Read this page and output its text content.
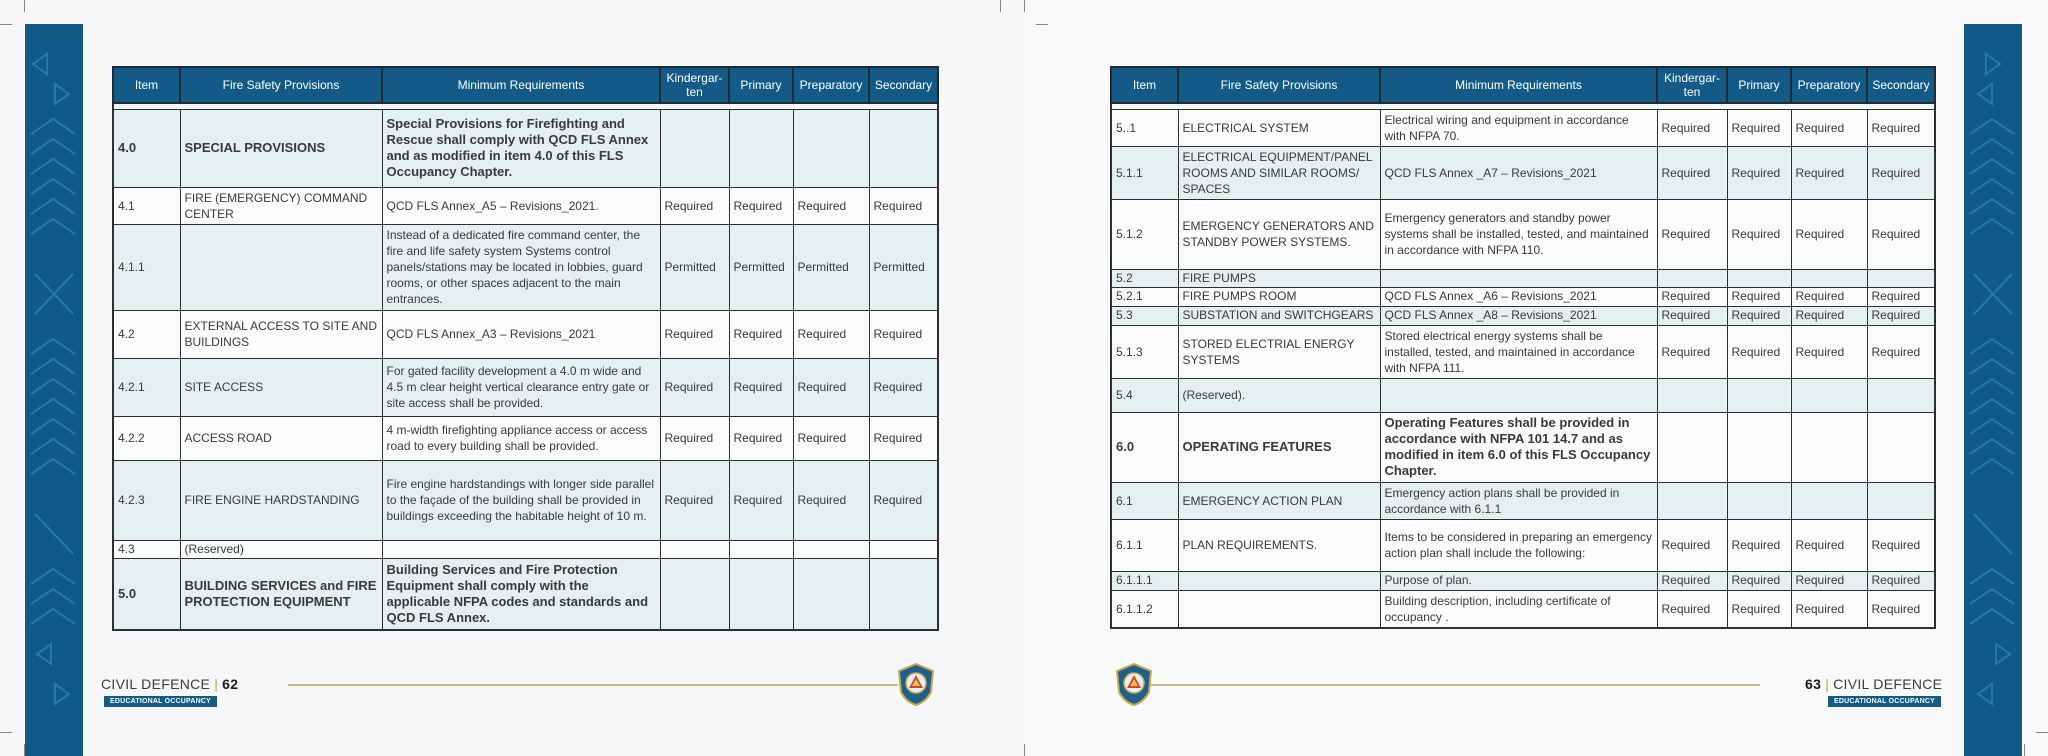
Item	Fire Safety Provisions	Minimum Requirements	Kindergar-ten	Primary	Preparatory	Secondary

4.0	SPECIAL PROVISIONS	Special Provisions for Firefighting and Rescue shall comply with QCD FLS Annex and as modified in item 4.0 of this FLS Occupancy Chapter.				
4.1	FIRE (EMERGENCY) COMMAND CENTER	QCD FLS Annex_A5 – Revisions_2021.	Required	Required	Required	Required
4.1.1		Instead of a dedicated fire command center, the fire and life safety system Systems control panels/stations may be located in lobbies, guard rooms, or other spaces adjacent to the main entrances.	Permitted	Permitted	Permitted	Permitted
4.2	EXTERNAL ACCESS TO SITE AND BUILDINGS	QCD FLS Annex_A3 – Revisions_2021	Required	Required	Required	Required
4.2.1	SITE ACCESS	For gated facility development a 4.0 m wide and 4.5 m clear height vertical clearance entry gate or site access shall be provided.	Required	Required	Required	Required
4.2.2	ACCESS ROAD	4 m-width firefighting appliance access or access road to every building shall be provided.	Required	Required	Required	Required
4.2.3	FIRE ENGINE HARDSTANDING	Fire engine hardstandings with longer side parallel to the façade of the building shall be provided in buildings exceeding the habitable height of 10 m.	Required	Required	Required	Required
4.3	(Reserved)					
5.0	BUILDING SERVICES and FIRE PROTECTION EQUIPMENT	Building Services and Fire Protection Equipment shall comply with the applicable NFPA codes and standards and QCD FLS Annex.				
CIVIL DEFENCE | 62
EDUCATIONAL OCCUPANCY
Item	Fire Safety Provisions	Minimum Requirements	Kindergar-ten	Primary	Preparatory	Secondary

5..1	ELECTRICAL SYSTEM	Electrical wiring and equipment in accordance with NFPA 70.	Required	Required	Required	Required
5.1.1	ELECTRICAL EQUIPMENT/PANEL ROOMS AND SIMILAR ROOMS/ SPACES	QCD FLS Annex _A7 – Revisions_2021	Required	Required	Required	Required
5.1.2	EMERGENCY GENERATORS AND STANDBY POWER SYSTEMS.	Emergency generators and standby power systems shall be installed, tested, and maintained in accordance with NFPA 110.	Required	Required	Required	Required
5.2	FIRE PUMPS					
5.2.1	FIRE PUMPS ROOM	QCD FLS Annex _A6 – Revisions_2021	Required	Required	Required	Required
5.3	SUBSTATION and SWITCHGEARS	QCD FLS Annex _A8 – Revisions_2021	Required	Required	Required	Required
5.1.3	STORED ELECTRIAL ENERGY SYSTEMS	Stored electrical energy systems shall be installed, tested, and maintained in accordance with NFPA 111.	Required	Required	Required	Required
5.4	(Reserved).					
6.0	OPERATING FEATURES	Operating Features shall be provided in accordance with NFPA 101 14.7 and as modified in item 6.0 of this FLS Occupancy Chapter.				
6.1	EMERGENCY ACTION PLAN	Emergency action plans shall be provided in accordance with 6.1.1				
6.1.1	PLAN REQUIREMENTS.	Items to be considered in preparing an emergency action plan shall include the following:	Required	Required	Required	Required
6.1.1.1		Purpose of plan.	Required	Required	Required	Required
6.1.1.2		Building description, including certificate of occupancy .	Required	Required	Required	Required
63 | CIVIL DEFENCE
EDUCATIONAL OCCUPANCY
